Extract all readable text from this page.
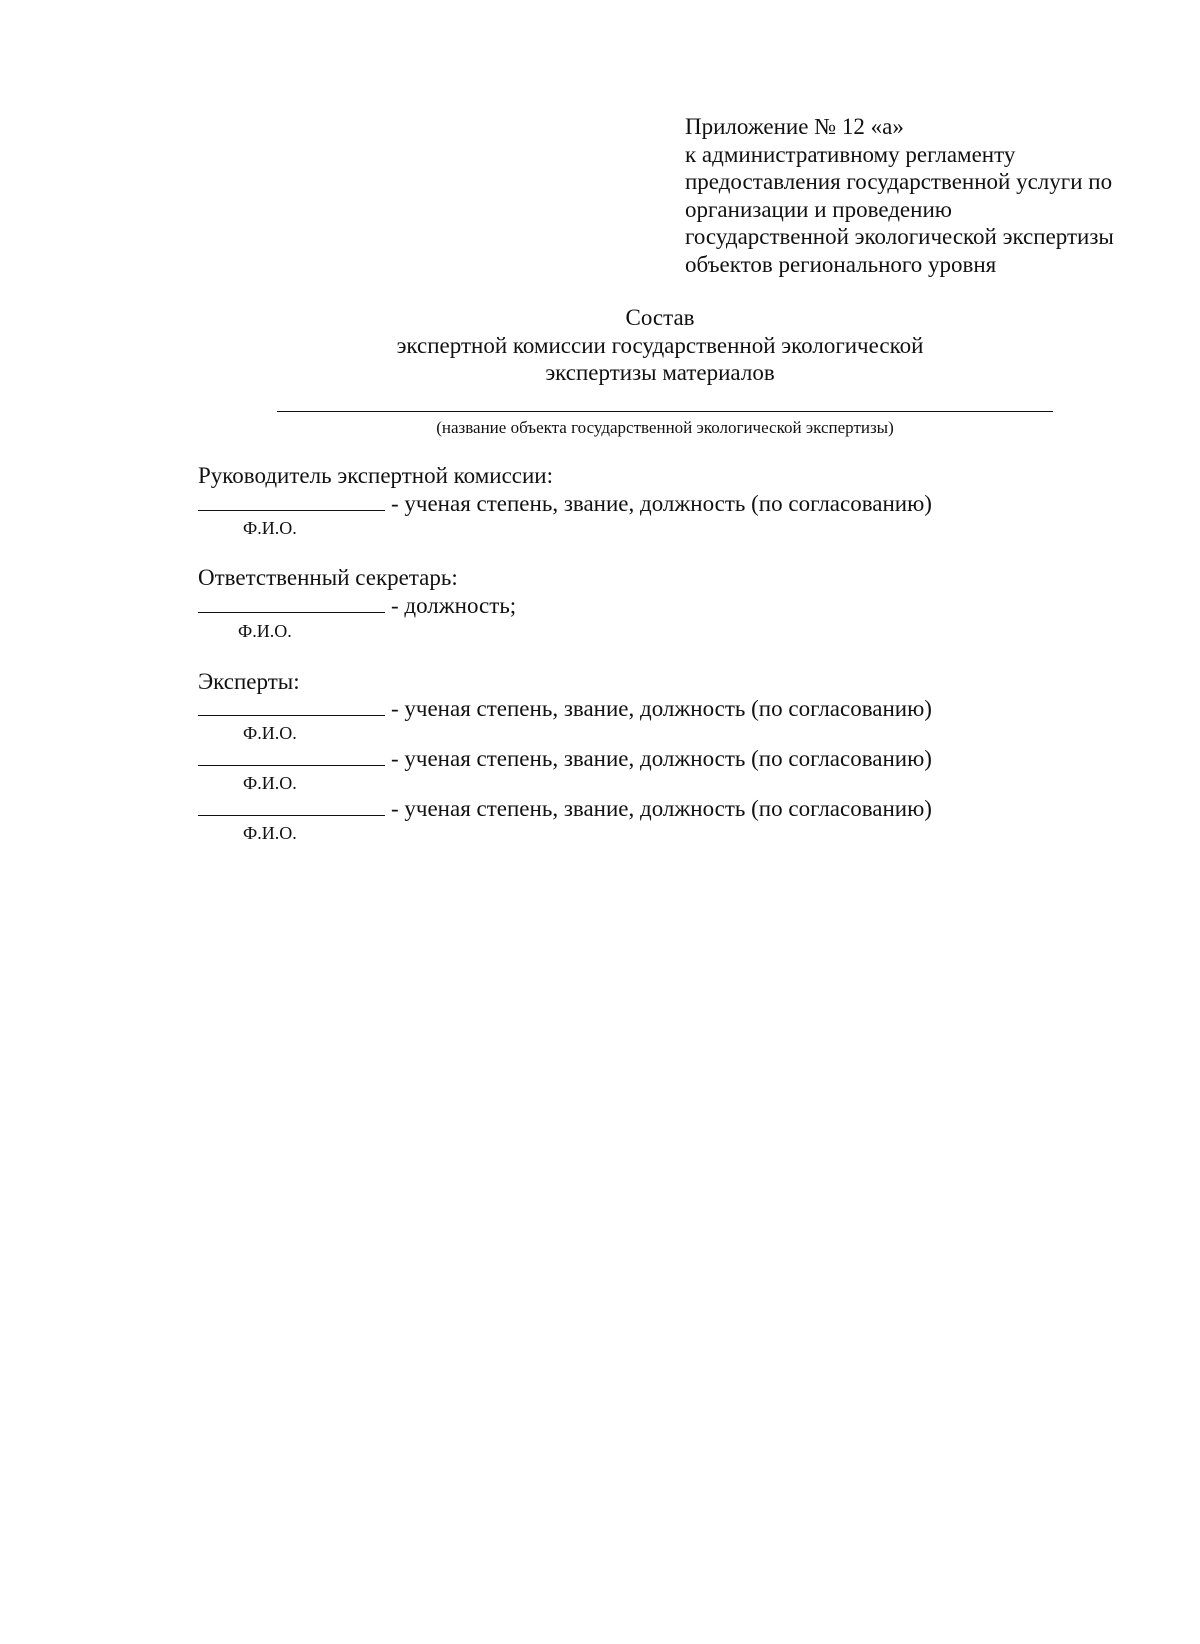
Приложение № 12 «а»
к административному регламенту
предоставления государственной услуги по
организации и проведению
государственной экологической экспертизы
объектов регионального уровня
Состав
экспертной комиссии государственной экологической
экспертизы материалов
(название объекта государственной экологической экспертизы)
Руководитель экспертной комиссии:
- ученая степень, звание, должность (по согласованию)
Ф.И.О.
Ответственный секретарь:
- должность;
Ф.И.О.
Эксперты:
- ученая степень, звание, должность (по согласованию)
Ф.И.О.
- ученая степень, звание, должность (по согласованию)
Ф.И.О.
- ученая степень, звание, должность (по согласованию)
Ф.И.О.
